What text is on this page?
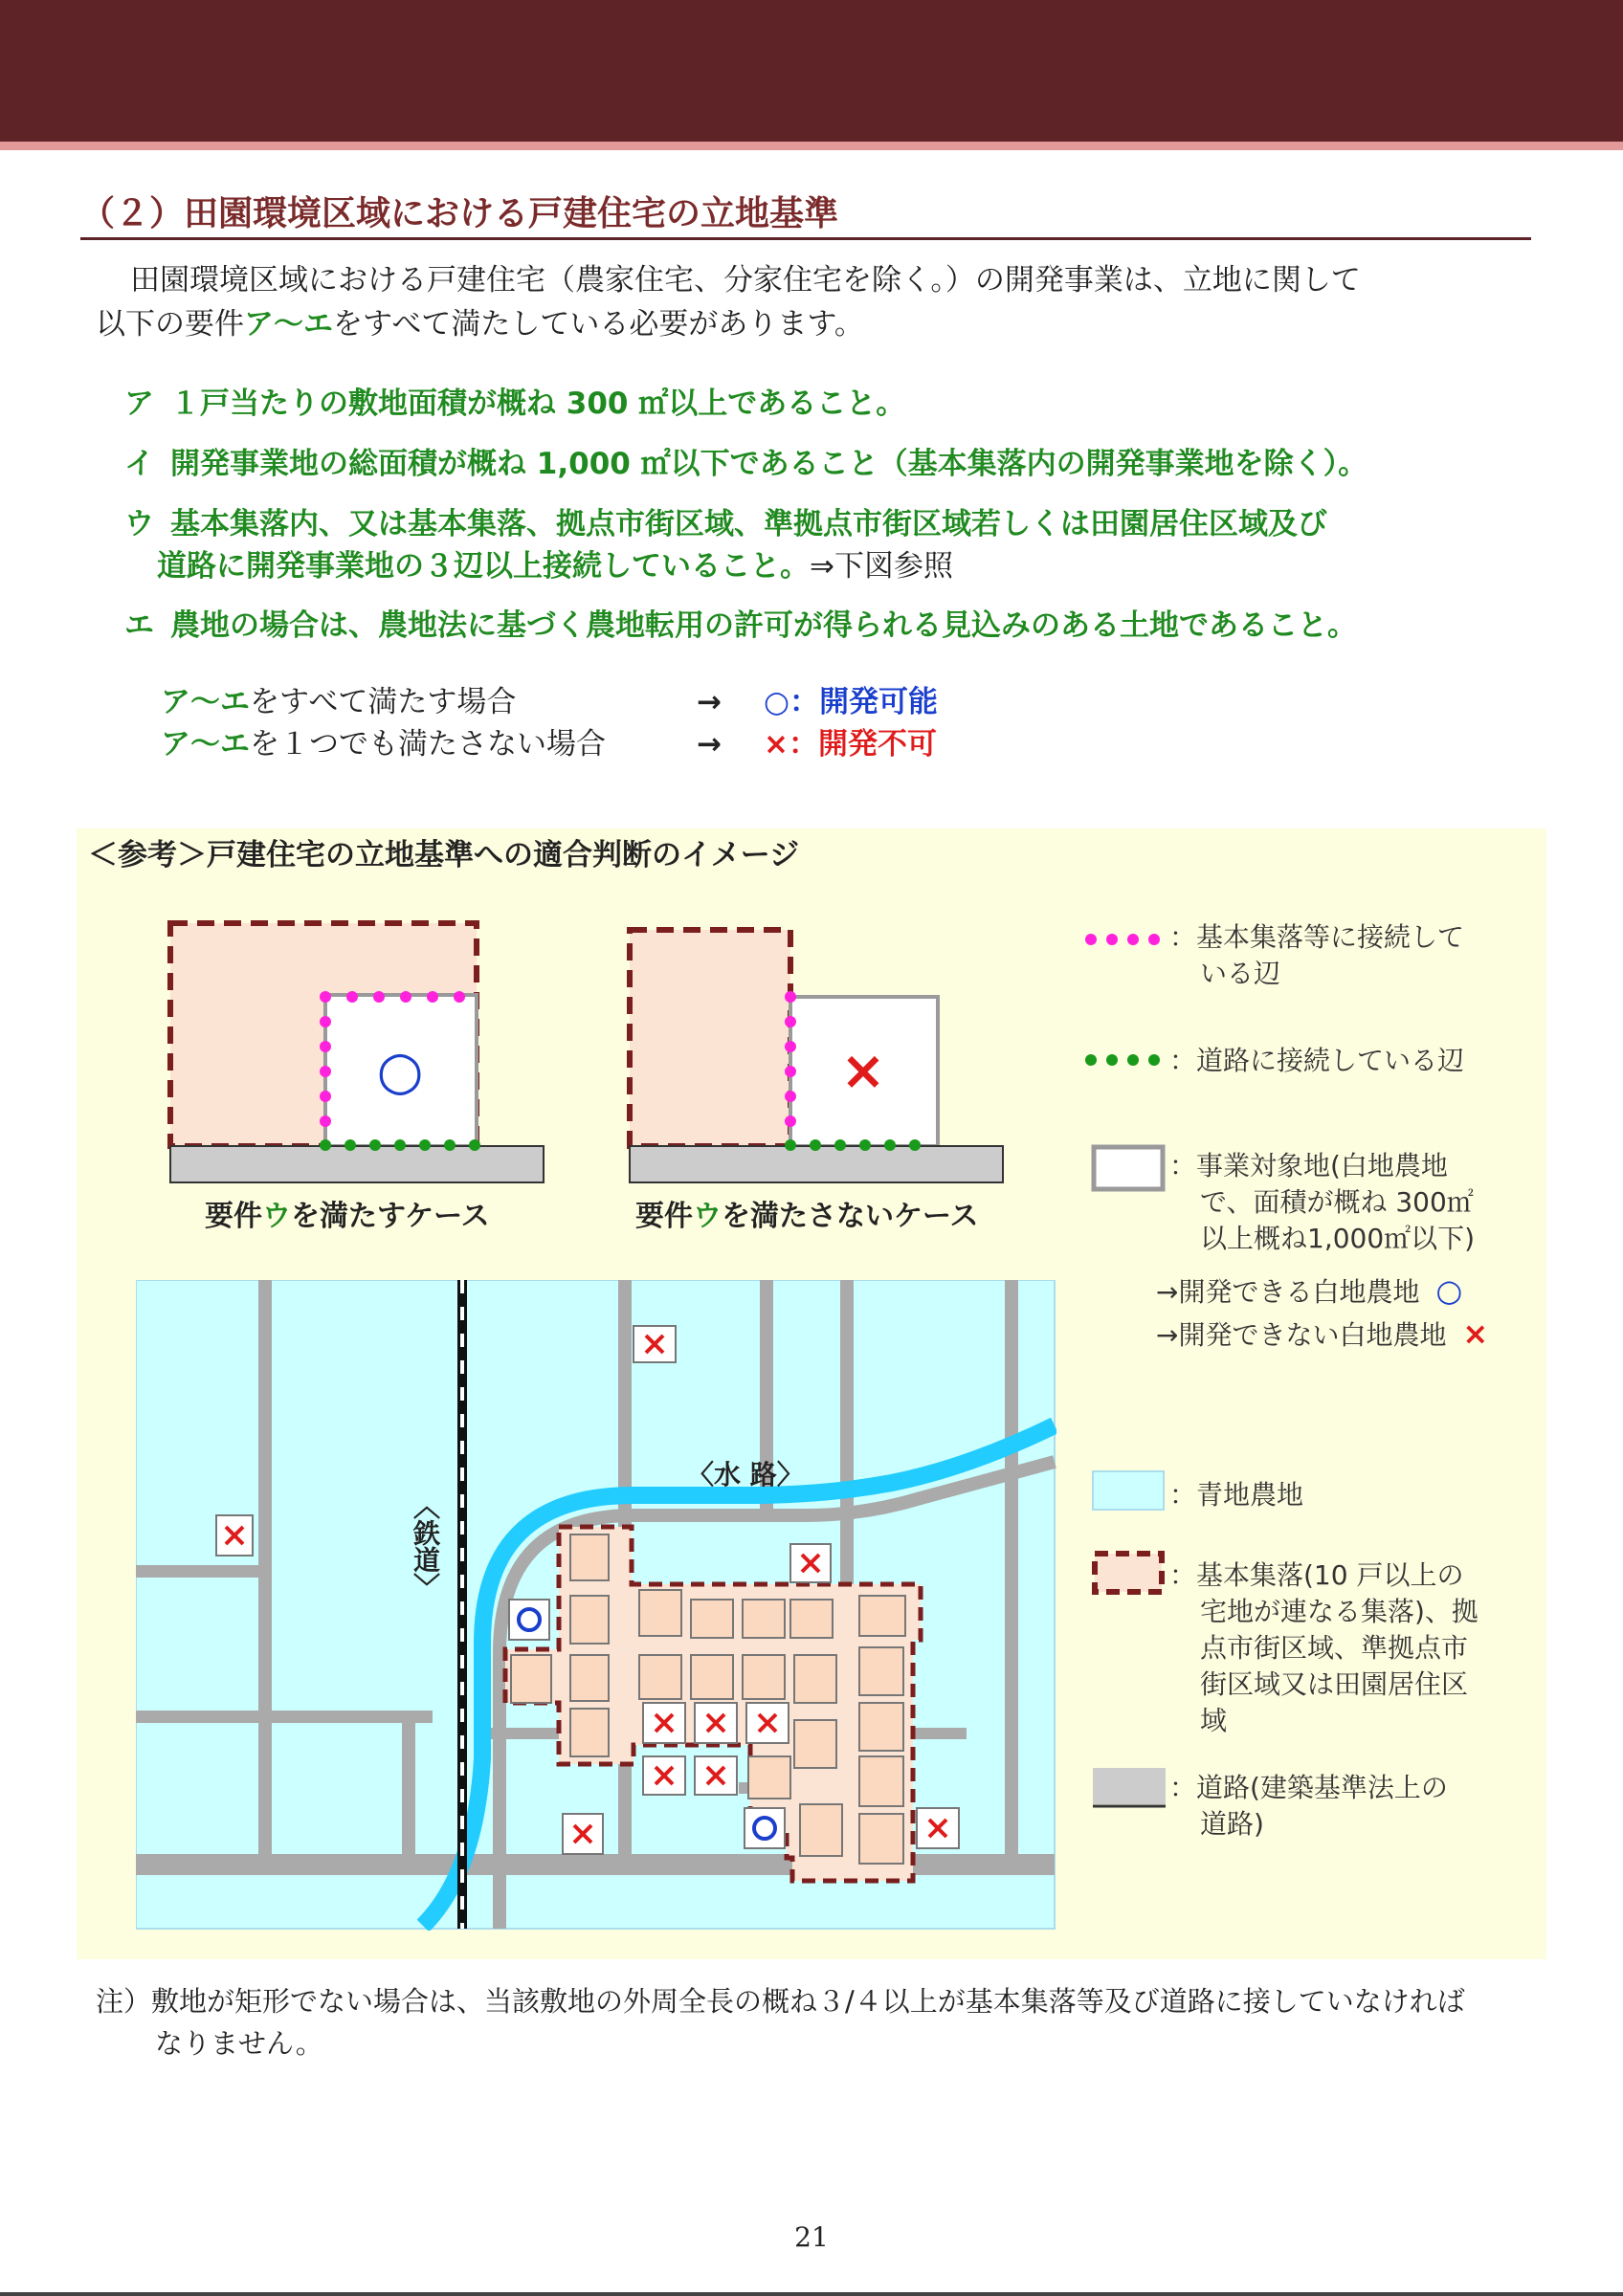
（２）田園環境区域における戸建住宅の立地基準
田園環境区域における戸建住宅（農家住宅、分家住宅を除く。）の開発事業は、立地に関して
以下の要件ア～エをすべて満たしている必要があります。
ア １戸当たりの敷地面積が概ね 300 ㎡以上であること。
イ 開発事業地の総面積が概ね 1,000 ㎡以下であること（基本集落内の開発事業地を除く）。
ウ 基本集落内、又は基本集落、拠点市街区域、準拠点市街区域若しくは田園居住区域及び
道路に開発事業地の３辺以上接続していること。⇒下図参照
エ 農地の場合は、農地法に基づく農地転用の許可が得られる見込みのある土地であること。
ア～エをすべて満たす場合	→ ○：開発可能
ア～エを１つでも満たさない場合	→ ×：開発不可
＜参考＞戸建住宅の立地基準への適合判断のイメージ
○
要件ウを満たすケース
×
要件ウを満たさないケース
：基本集落等に接続して
いる辺
：道路に接続している辺
：事業対象地(白地農地
で、面積が概ね 300㎡
以上概ね1,000㎡以下)
→開発できる白地農地 ○
→開発できない白地農地 ×
：青地農地
：基本集落(10 戸以上の
宅地が連なる集落)、拠
点市街区域、準拠点市
街区域又は田園居住区
域
：道路(建築基準法上の
道路)
〈水 路〉
〈鉄道〉
注）敷地が矩形でない場合は、当該敷地の外周全長の概ね３/４以上が基本集落等及び道路に接していなければ
なりません。
21
